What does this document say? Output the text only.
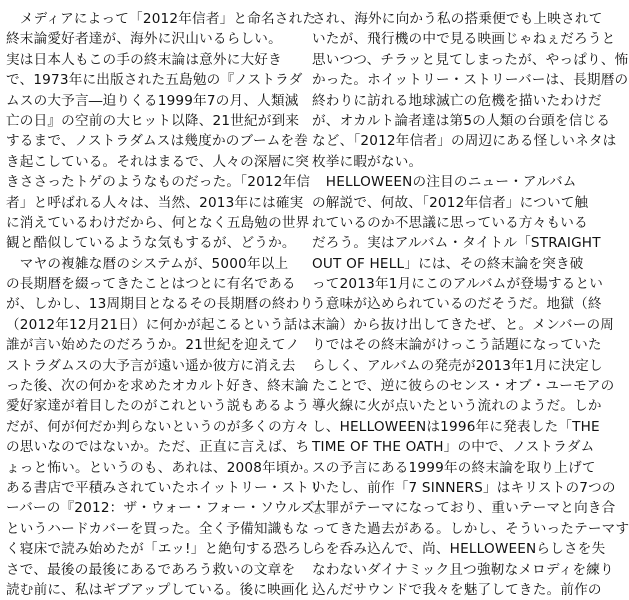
　メディアによって「2012年信者」と命名された
終末論愛好者達が、海外に沢山いるらしい。
実は日本人もこの手の終末論は意外に大好き
で、1973年に出版された五島勉の『ノストラダ
ムスの大予言―迫りくる1999年7の月、人類滅
亡の日』の空前の大ヒット以降、21世紀が到来
するまで、ノストラダムスは幾度かのブームを巻
き起こしている。それはまるで、人々の深層に突
きささったトゲのようなものだった。「2012年信
者」と呼ばれる人々は、当然、2013年には確実
に消えているわけだから、何となく五島勉の世界
観と酷似しているような気もするが、どうか。
　マヤの複雑な暦のシステムが、5000年以上
の長期暦を綴ってきたことはつとに有名である
が、しかし、13周期目となるその長期暦の終わり
（2012年12月21日）に何かが起こるという話は、
誰が言い始めたのだろうか。21世紀を迎えてノ
ストラダムスの大予言が遠い遥か彼方に消え去
った後、次の何かを求めたオカルト好き、終末論
愛好家達が着目したのがこれという説もあるよう
だが、何が何だか判らないというのが多くの方々
の思いなのではないか。ただ、正直に言えば、ち
ょっと怖い。というのも、あれは、2008年頃か。
ある書店で平積みされていたホイットリー・ストリ
ーバーの『2012：ザ・ウォー・フォー・ソウルズ』
というハードカバーを買った。全く予備知識もな
く寝床で読み始めたが「エッ!」と絶句する恐ろし
さで、最後の最後にあるであろう救いの文章を
読む前に、私はギブアップしている。後に映画化
され、海外に向かう私の搭乗便でも上映されて
いたが、飛行機の中で見る映画じゃねぇだろうと
思いつつ、チラッと見てしまったが、やっぱり、怖
かった。ホイットリー・ストリーバーは、長期暦の
終わりに訪れる地球滅亡の危機を描いたわけだ
が、オカルト論者達は第5の人類の台頭を信じる
など、「2012年信者」の周辺にある怪しいネタは
枚挙に暇がない。
　HELLOWEENの注目のニュー・アルバム
の解説で、何故、「2012年信者」について触
れているのか不思議に思っている方々もいる
だろう。実はアルバム・タイトル「STRAIGHT
OUT OF HELL」には、その終末論を突き破
って2013年1月にこのアルバムが登場するとい
う意味が込められているのだそうだ。地獄（終
末論）から抜け出してきたぜ、と。メンバーの周
りではその終末論がけっこう話題になっていた
らしく、アルバムの発売が2013年1月に決定し
たことで、逆に彼らのセンス・オブ・ユーモアの
導火線に火が点いたという流れのようだ。しか
し、HELLOWEENは1996年に発表した「THE
TIME OF THE OATH」の中で、ノストラダム
スの予言にある1999年の終末論を取り上げて
いたし、前作「7 SINNERS」はキリストの7つの
大罪がテーマになっており、重いテーマと向き合
ってきた過去がある。しかし、そういったテーマす
らを呑み込んで、尚、HELLOWEENらしさを失
なわないダイナミック且つ強靭なメロディを練り
込んだサウンドで我々を魅了してきた。前作の
